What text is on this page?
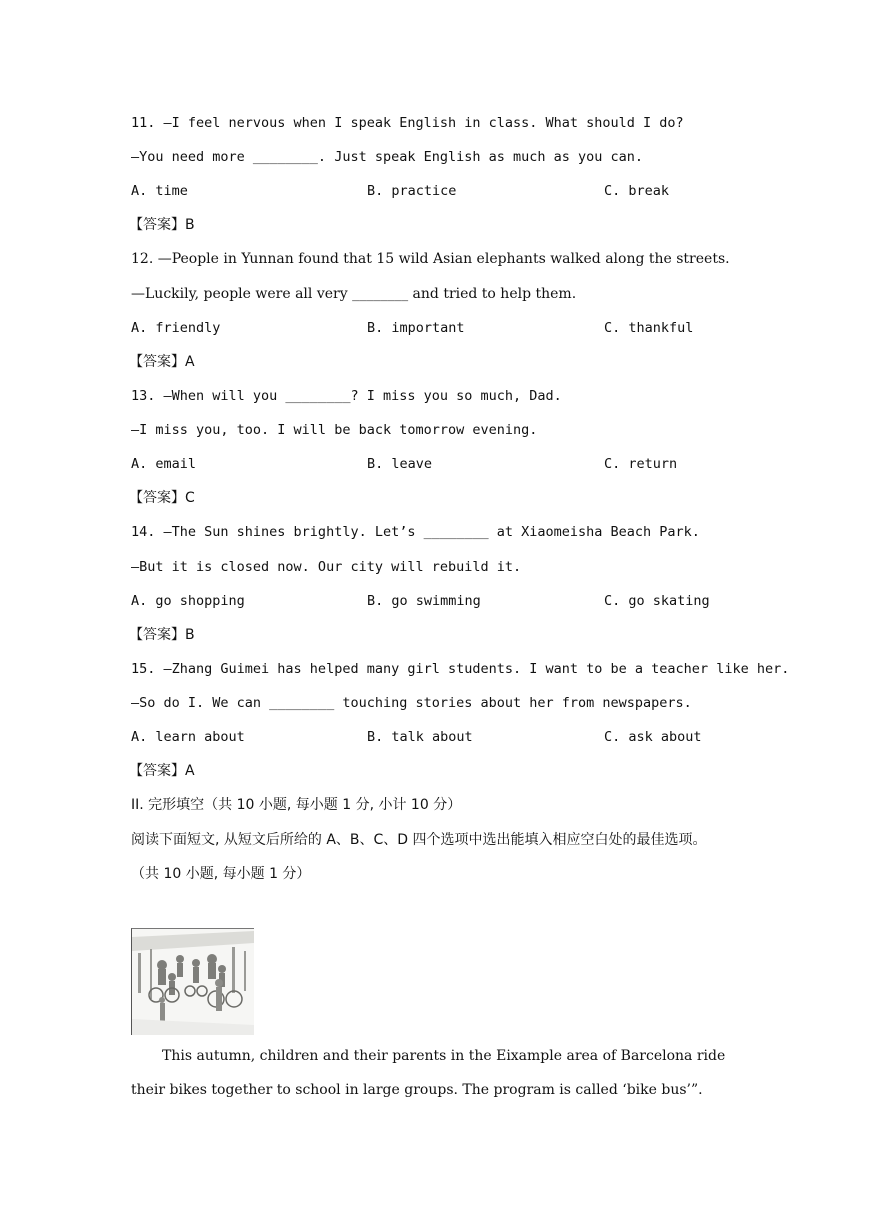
11. —I feel nervous when I speak English in class. What should I do?
—You need more ________. Just speak English as much as you can.
A. time	B. practice	C. break
【答案】B
12. —People in Yunnan found that 15 wild Asian elephants walked along the streets.
—Luckily, people were all very ________ and tried to help them.
A. friendly	B. important	C. thankful
【答案】A
13. —When will you ________? I miss you so much, Dad.
—I miss you, too. I will be back tomorrow evening.
A. email	B. leave	C. return
【答案】C
14. —The Sun shines brightly. Let’s ________ at Xiaomeisha Beach Park.
—But it is closed now. Our city will rebuild it.
A. go shopping	B. go swimming	C. go skating
【答案】B
15. —Zhang Guimei has helped many girl students. I want to be a teacher like her.
—So do I. We can ________ touching stories about her from newspapers.
A. learn about	B. talk about	C. ask about
【答案】A
II. 完形填空（共 10 小题, 每小题 1 分, 小计 10 分）
阅读下面短文, 从短文后所给的 A、B、C、D 四个选项中选出能填入相应空白处的最佳选项。
（共 10 小题, 每小题 1 分）
This autumn, children and their parents in the Eixample area of Barcelona ride
their bikes together to school in large groups. The program is called ‘bike bus’”.
